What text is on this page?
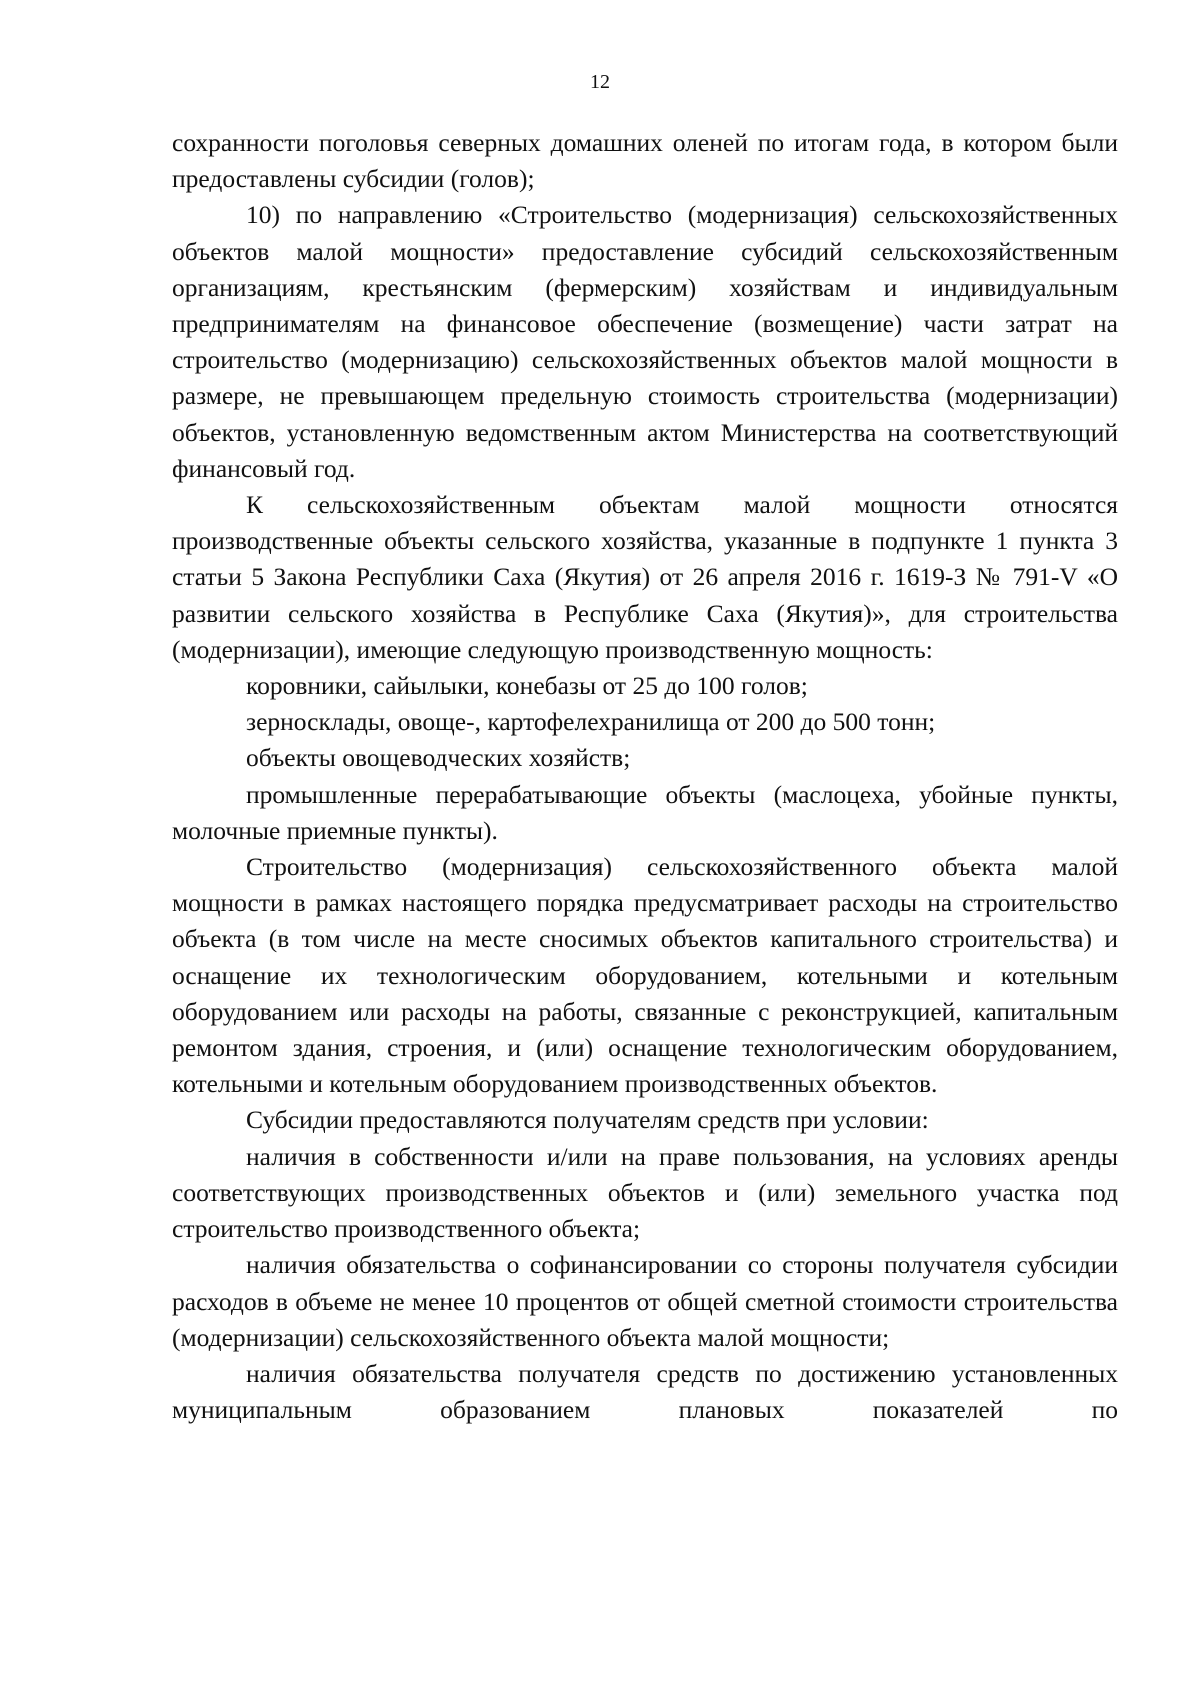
12

сохранности поголовья северных домашних оленей по итогам года, в котором были предоставлены субсидии (голов);

10) по направлению «Строительство (модернизация) сельскохозяйственных объектов малой мощности» предоставление субсидий сельскохозяйственным организациям, крестьянским (фермерским) хозяйствам и индивидуальным предпринимателям на финансовое обеспечение (возмещение) части затрат на строительство (модернизацию) сельскохозяйственных объектов малой мощности в размере, не превышающем предельную стоимость строительства (модернизации) объектов, установленную ведомственным актом Министерства на соответствующий финансовый год.

К сельскохозяйственным объектам малой мощности относятся производственные объекты сельского хозяйства, указанные в подпункте 1 пункта 3 статьи 5 Закона Республики Саха (Якутия) от 26 апреля 2016 г. 1619-З № 791-V «О развитии сельского хозяйства в Республике Саха (Якутия)», для строительства (модернизации), имеющие следующую производственную мощность:

коровники, сайылыки, конебазы от 25 до 100 голов;

зерносклады, овоще-, картофелехранилища от 200 до 500 тонн;

объекты овощеводческих хозяйств;

промышленные перерабатывающие объекты (маслоцеха, убойные пункты, молочные приемные пункты).

Строительство (модернизация) сельскохозяйственного объекта малой мощности в рамках настоящего порядка предусматривает расходы на строительство объекта (в том числе на месте сносимых объектов капитального строительства) и оснащение их технологическим оборудованием, котельными и котельным оборудованием или расходы на работы, связанные с реконструкцией, капитальным ремонтом здания, строения, и (или) оснащение технологическим оборудованием, котельными и котельным оборудованием производственных объектов.

Субсидии предоставляются получателям средств при условии:

наличия в собственности и/или на праве пользования, на условиях аренды соответствующих производственных объектов и (или) земельного участка под строительство производственного объекта;

наличия обязательства о софинансировании со стороны получателя субсидии расходов в объеме не менее 10 процентов от общей сметной стоимости строительства (модернизации) сельскохозяйственного объекта малой мощности;

наличия обязательства получателя средств по достижению установленных муниципальным образованием плановых показателей по
